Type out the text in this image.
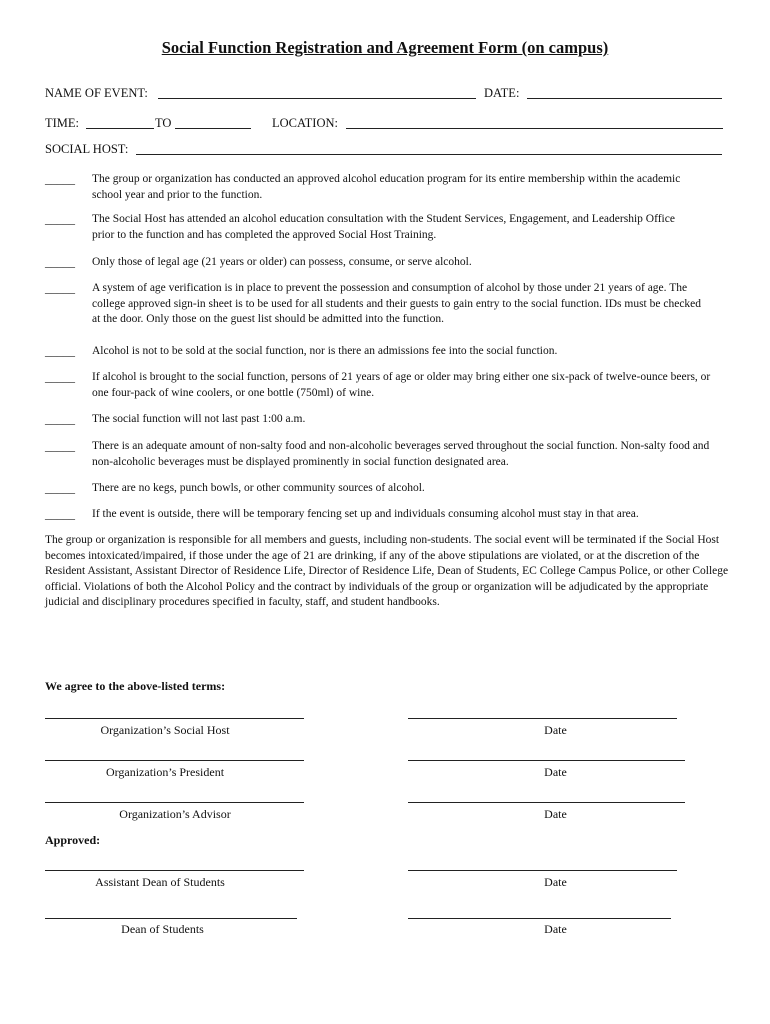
Social Function Registration and Agreement Form (on campus)
NAME OF EVENT:	DATE:
TIME:	TO	LOCATION:
SOCIAL HOST:
_____ The group or organization has conducted an approved alcohol education program for its entire membership within the academic school year and prior to the function.
_____ The Social Host has attended an alcohol education consultation with the Student Services, Engagement, and Leadership Office prior to the function and has completed the approved Social Host Training.
_____ Only those of legal age (21 years or older) can possess, consume, or serve alcohol.
_____ A system of age verification is in place to prevent the possession and consumption of alcohol by those under 21 years of age. The college approved sign-in sheet is to be used for all students and their guests to gain entry to the social function. IDs must be checked at the door. Only those on the guest list should be admitted into the function.
_____ Alcohol is not to be sold at the social function, nor is there an admissions fee into the social function.
_____ If alcohol is brought to the social function, persons of 21 years of age or older may bring either one six-pack of twelve-ounce beers, or one four-pack of wine coolers, or one bottle (750ml) of wine.
_____ The social function will not last past 1:00 a.m.
_____ There is an adequate amount of non-salty food and non-alcoholic beverages served throughout the social function. Non-salty food and non-alcoholic beverages must be displayed prominently in social function designated area.
_____ There are no kegs, punch bowls, or other community sources of alcohol.
_____ If the event is outside, there will be temporary fencing set up and individuals consuming alcohol must stay in that area.
The group or organization is responsible for all members and guests, including non-students. The social event will be terminated if the Social Host becomes intoxicated/impaired, if those under the age of 21 are drinking, if any of the above stipulations are violated, or at the discretion of the Resident Assistant, Assistant Director of Residence Life, Director of Residence Life, Dean of Students, EC College Campus Police, or other College official. Violations of both the Alcohol Policy and the contract by individuals of the group or organization will be adjudicated by the appropriate judicial and disciplinary procedures specified in faculty, staff, and student handbooks.
We agree to the above-listed terms:
Organization’s Social Host	Date
Organization’s President	Date
Organization’s Advisor	Date
Approved:
Assistant Dean of Students	Date
Dean of Students	Date
